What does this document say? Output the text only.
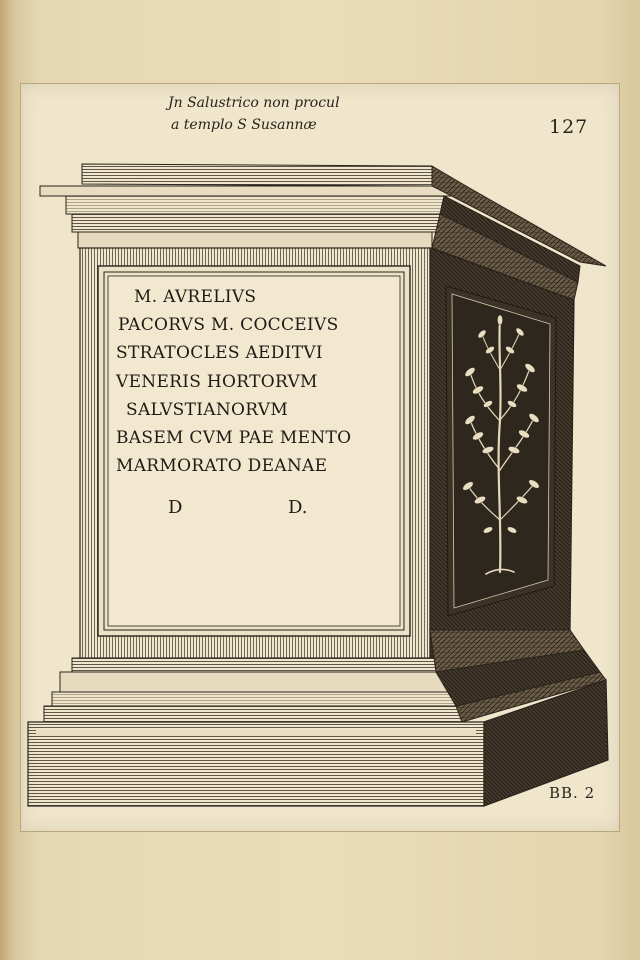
Jn Salustrico non procul
a templo S Susannæ	127
M. AVRELIVS
PACORVS M. COCCEIVS
STRATOCLES AEDITVI
VENERIS HORTORVM
SALVSTIANORVM
BASEM CVM PAE MENTO
MARMORATO DEANAE
D	D.
BB. 2
